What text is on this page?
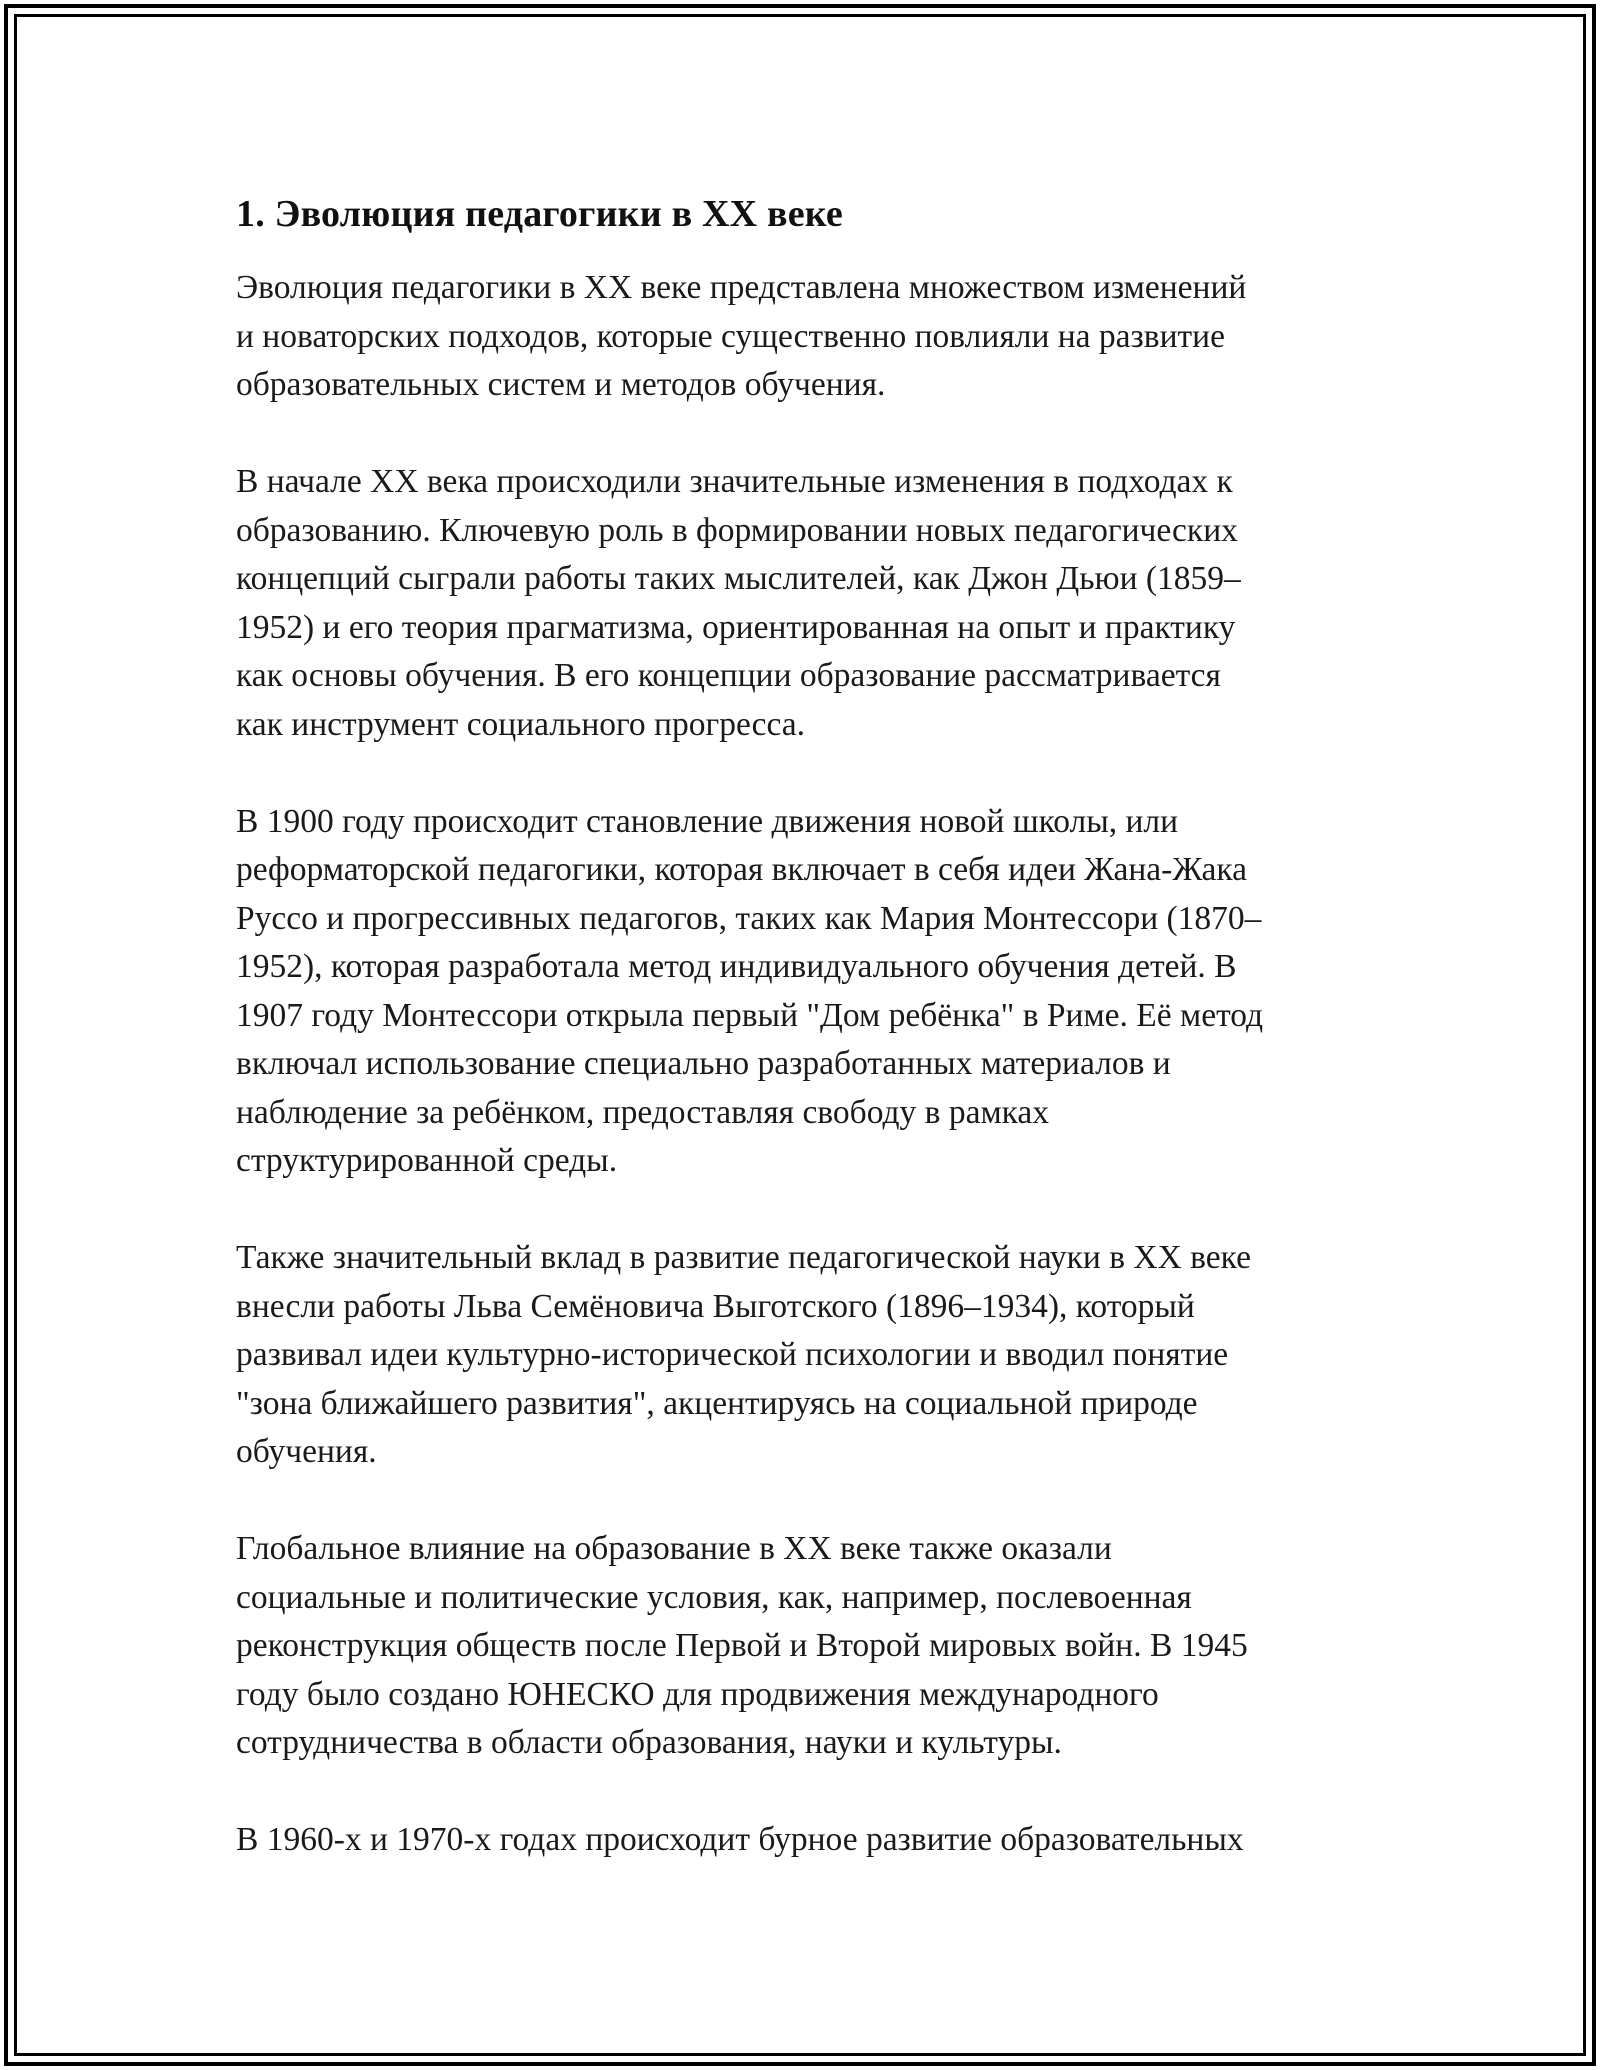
1. Эволюция педагогики в XX веке

Эволюция педагогики в XX веке представлена множеством изменений
и новаторских подходов, которые существенно повлияли на развитие
образовательных систем и методов обучения.

В начале XX века происходили значительные изменения в подходах к
образованию. Ключевую роль в формировании новых педагогических
концепций сыграли работы таких мыслителей, как Джон Дьюи (1859–
1952) и его теория прагматизма, ориентированная на опыт и практику
как основы обучения. В его концепции образование рассматривается
как инструмент социального прогресса.

В 1900 году происходит становление движения новой школы, или
реформаторской педагогики, которая включает в себя идеи Жана-Жака
Руссо и прогрессивных педагогов, таких как Мария Монтессори (1870–
1952), которая разработала метод индивидуального обучения детей. В
1907 году Монтессори открыла первый "Дом ребёнка" в Риме. Её метод
включал использование специально разработанных материалов и
наблюдение за ребёнком, предоставляя свободу в рамках
структурированной среды.

Также значительный вклад в развитие педагогической науки в XX веке
внесли работы Льва Семёновича Выготского (1896–1934), который
развивал идеи культурно-исторической психологии и вводил понятие
"зона ближайшего развития", акцентируясь на социальной природе
обучения.

Глобальное влияние на образование в XX веке также оказали
социальные и политические условия, как, например, послевоенная
реконструкция обществ после Первой и Второй мировых войн. В 1945
году было создано ЮНЕСКО для продвижения международного
сотрудничества в области образования, науки и культуры.

В 1960-х и 1970-х годах происходит бурное развитие образовательных
